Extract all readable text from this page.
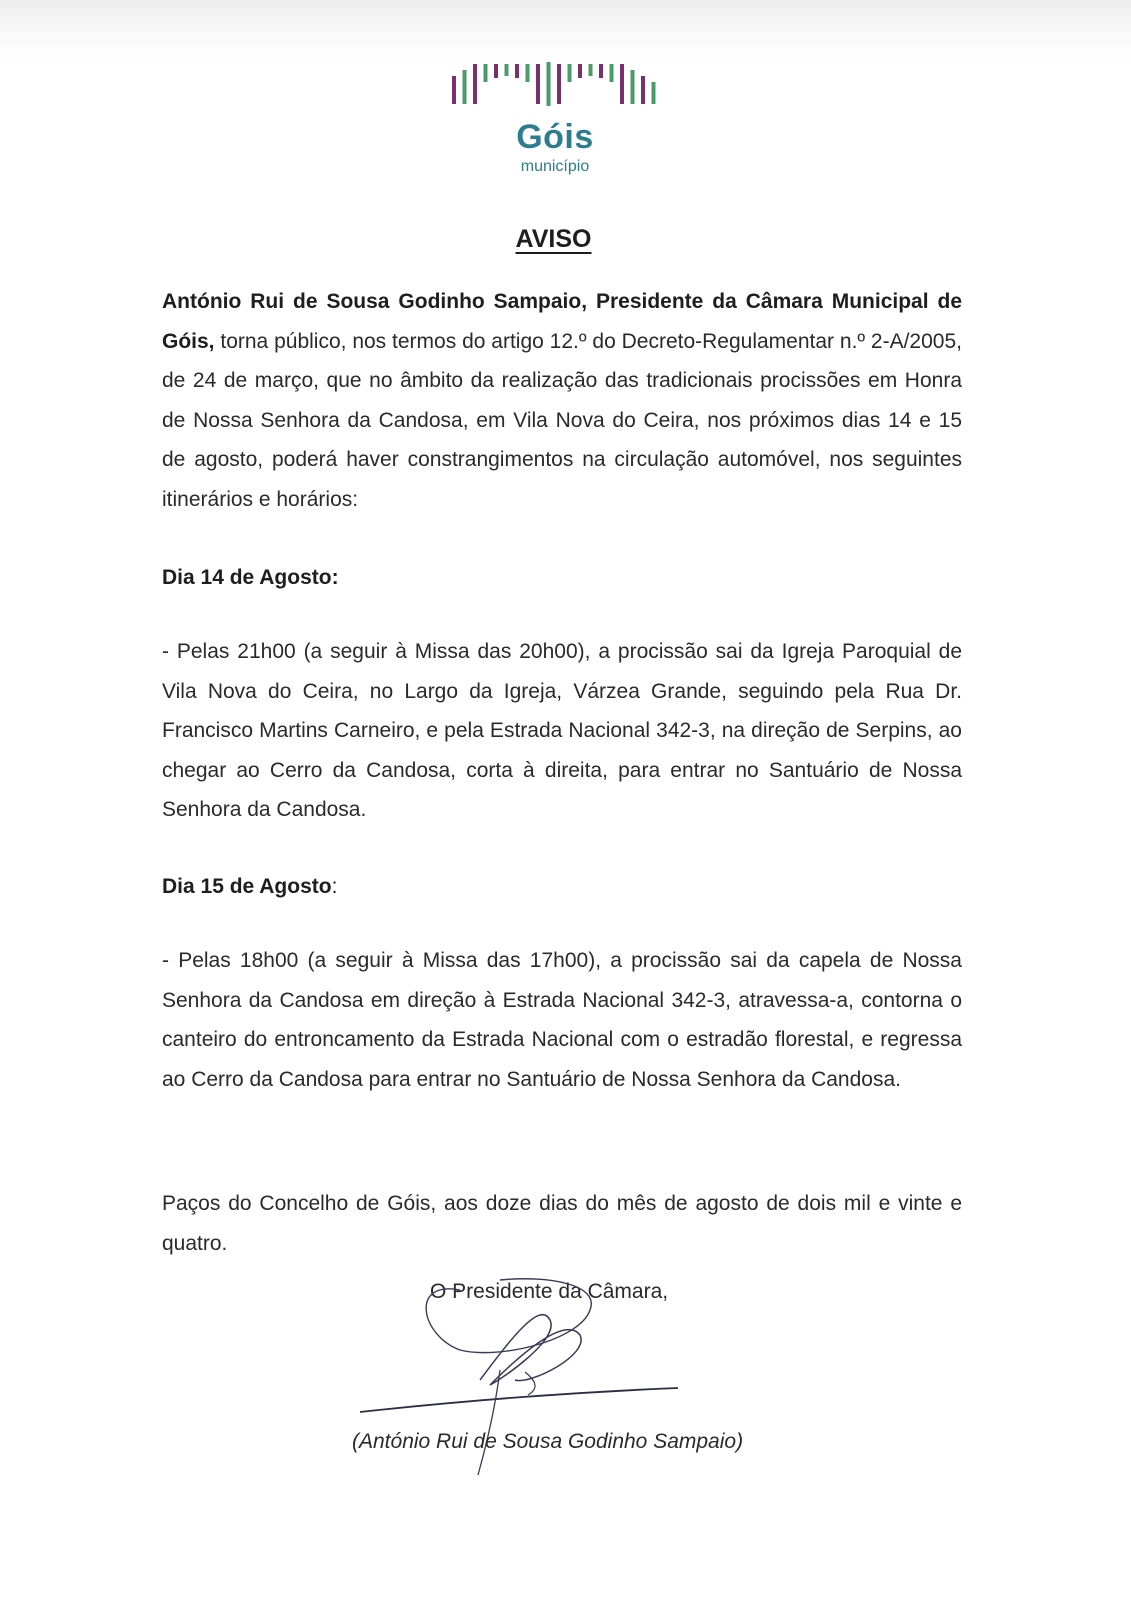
Góis
município
AVISO

António Rui de Sousa Godinho Sampaio, Presidente da Câmara Municipal de Góis, torna público, nos termos do artigo 12.º do Decreto-Regulamentar n.º 2-A/2005, de 24 de março, que no âmbito da realização das tradicionais procissões em Honra de Nossa Senhora da Candosa, em Vila Nova do Ceira, nos próximos dias 14 e 15 de agosto, poderá haver constrangimentos na circulação automóvel, nos seguintes itinerários e horários:

Dia 14 de Agosto:

- Pelas 21h00 (a seguir à Missa das 20h00), a procissão sai da Igreja Paroquial de Vila Nova do Ceira, no Largo da Igreja, Várzea Grande, seguindo pela Rua Dr. Francisco Martins Carneiro, e pela Estrada Nacional 342-3, na direção de Serpins, ao chegar ao Cerro da Candosa, corta à direita, para entrar no Santuário de Nossa Senhora da Candosa.

Dia 15 de Agosto:

- Pelas 18h00 (a seguir à Missa das 17h00), a procissão sai da capela de Nossa Senhora da Candosa em direção à Estrada Nacional 342-3, atravessa-a, contorna o canteiro do entroncamento da Estrada Nacional com o estradão florestal, e regressa ao Cerro da Candosa para entrar no Santuário de Nossa Senhora da Candosa.

Paços do Concelho de Góis, aos doze dias do mês de agosto de dois mil e vinte e quatro.

O Presidente da Câmara,
(António Rui de Sousa Godinho Sampaio)
